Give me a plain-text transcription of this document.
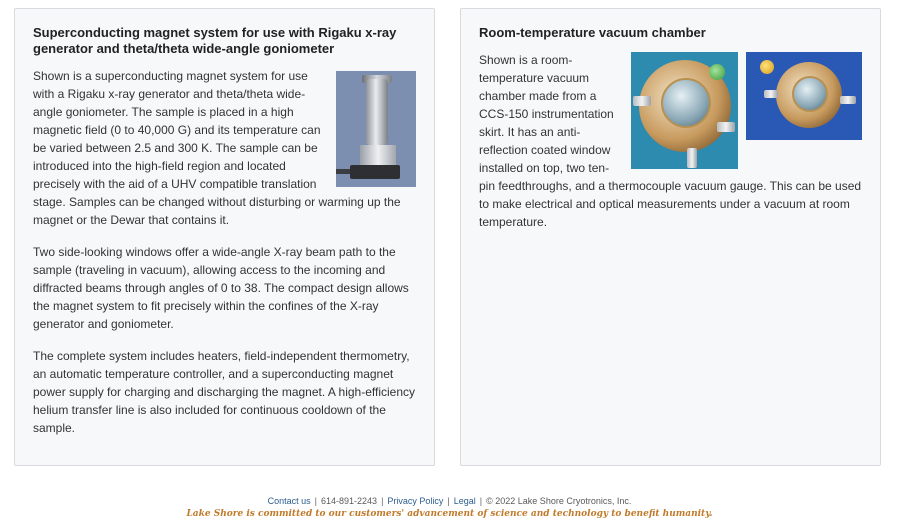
Superconducting magnet system for use with Rigaku x-ray generator and theta/theta wide-angle goniometer

Shown is a superconducting magnet system for use with a Rigaku x-ray generator and theta/theta wide-angle goniometer. The sample is placed in a high magnetic field (0 to 40,000 G) and its temperature can be varied between 2.5 and 300 K. The sample can be introduced into the high-field region and located precisely with the aid of a UHV compatible translation stage. Samples can be changed without disturbing or warming up the magnet or the Dewar that contains it.

Two side-looking windows offer a wide-angle X-ray beam path to the sample (traveling in vacuum), allowing access to the incoming and diffracted beams through angles of 0 to 38. The compact design allows the magnet system to fit precisely within the confines of the X-ray generator and goniometer.

The complete system includes heaters, field-independent thermometry, an automatic temperature controller, and a superconducting magnet power supply for charging and discharging the magnet. A high-efficiency helium transfer line is also included for continuous cooldown of the sample.

Room-temperature vacuum chamber

Shown is a room-temperature vacuum chamber made from a CCS-150 instrumentation skirt. It has an anti-reflection coated window installed on top, two ten-pin feedthroughs, and a thermocouple vacuum gauge. This can be used to make electrical and optical measurements under a vacuum at room temperature.

Contact us | 614-891-2243 | Privacy Policy | Legal | © 2022 Lake Shore Cryotronics, Inc.
Lake Shore is committed to our customers' advancement of science and technology to benefit humanity.
